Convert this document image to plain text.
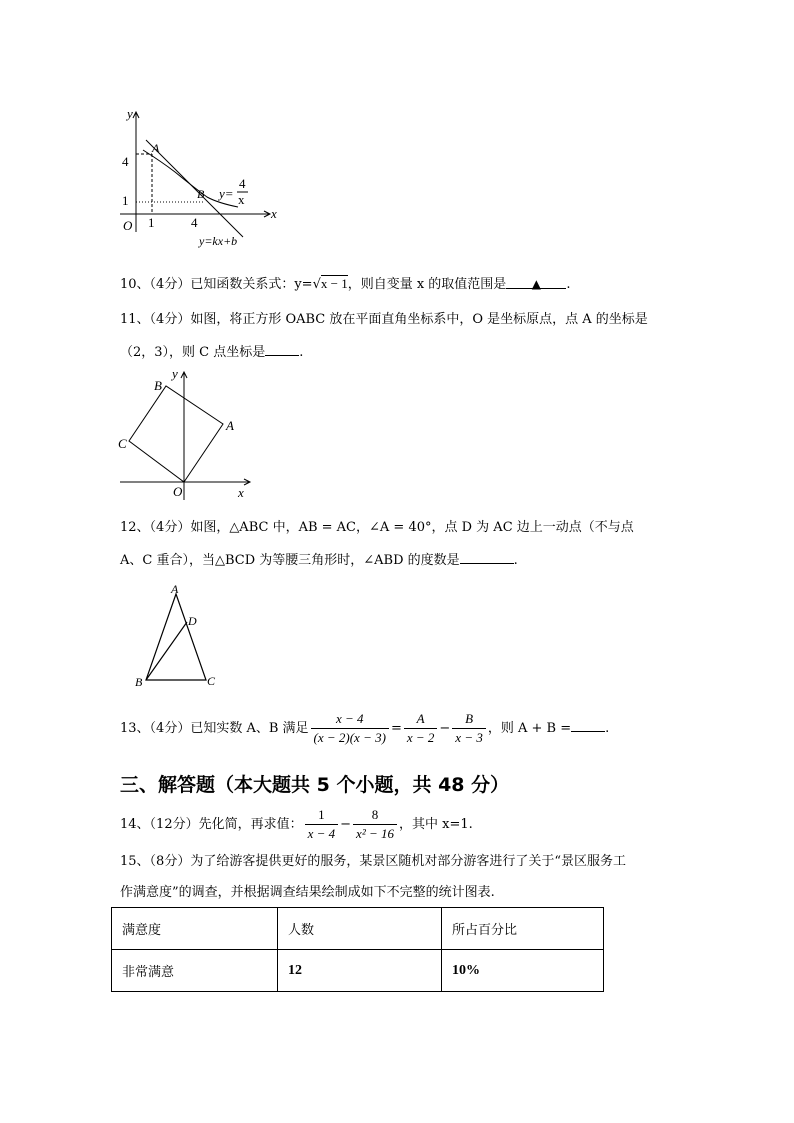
y
A
4
B y=
4
x
1
x
1	4
O
y=kx+b
10、（4分）已知函数关系式：y=√x − 1，则自变量 x 的取值范围是 ▲ .
11、（4分）如图，将正方形 OABC 放在平面直角坐标系中，O 是坐标原点，点 A 的坐标是
（2，3），则 C 点坐标是	.
y
B
A
C
O	x
12、（4分）如图，△ABC 中，AB = AC，∠A = 40°，点 D 为 AC 边上一动点（不与点
A、C 重合），当△BCD 为等腰三角形时，∠ABD 的度数是	.
A
D
B	C
13、（4分）已知实数 A、B 满足 $\frac{x - 4}{(x - 2)(x - 3)} = \frac{A}{x - 2} - \frac{B}{x - 3}$ ，则 A + B =	.
三、解答题（本大题共 5 个小题，共 48 分）
14、（12分）先化简，再求值： $\frac{1}{x - 4} - \frac{8}{\text{x² − 16}}$ ，其中 x=1.
15、（8分）为了给游客提供更好的服务，某景区随机对部分游客进行了关于“景区服务工
作满意度”的调查，并根据调查结果绘制成如下不完整的统计图表.
满意度	人数	所占百分比
非常满意	12	10%
